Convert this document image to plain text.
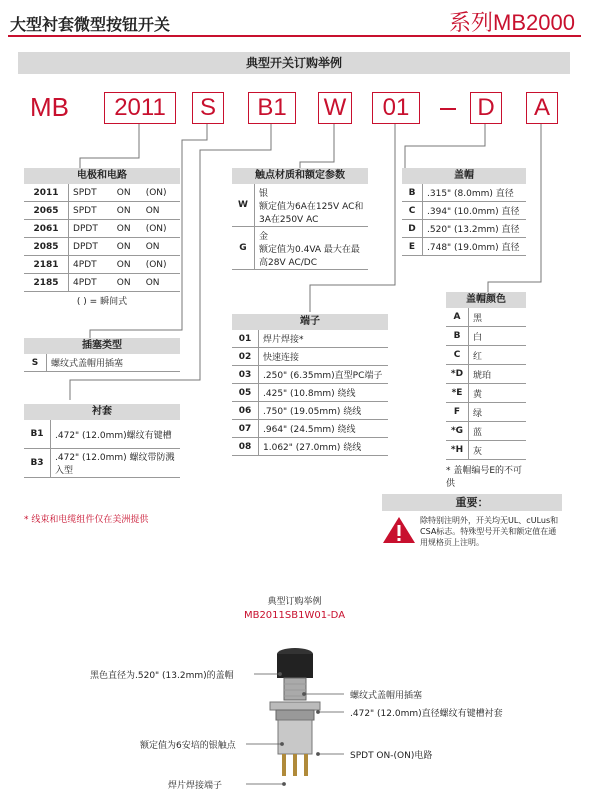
大型衬套微型按钮开关	系列MB2000
典型开关订购举例
MB	2011	S	B1	W	01	D	A
电极和电路
2011	SPDT	ON	(ON)
2065	SPDT	ON	ON
2061	DPDT	ON	(ON)
2085	DPDT	ON	ON
2181	4PDT	ON	(ON)
2185	4PDT	ON	ON
( ) = 瞬间式
插塞类型
S	螺纹式盖帽用插塞
衬套
B1	.472" (12.0mm)螺纹有键槽
B3	.472" (12.0mm) 螺纹带防溅入型
触点材质和额定参数
W	银
额定值为6A在125V AC和3A在250V AC
G	金
额定值为0.4VA 最大在最高28V AC/DC
端子
01	焊片焊接*
02	快速连接
03	.250" (6.35mm)直型PC端子
05	.425" (10.8mm) 绕线
06	.750" (19.05mm) 绕线
07	.964" (24.5mm) 绕线
08	1.062" (27.0mm) 绕线
盖帽
B	.315" (8.0mm) 直径
C	.394" (10.0mm) 直径
D	.520" (13.2mm) 直径
E	.748" (19.0mm) 直径
盖帽颜色
A	黑
B	白
C	红
*D	琥珀
*E	黄
F	绿
*G	蓝
*H	灰
* 盖帽编号E的不可供
* 线束和电缆组件仅在美洲提供
重要：
除特别注明外，开关均无UL、cULus和CSA标志。特殊型号开关和额定值在通用规格页上注明。
典型订购举例
MB2011SB1W01-DA
黑色直径为.520" (13.2mm)的盖帽
螺纹式盖帽用插塞
.472" (12.0mm)直径螺纹有键槽衬套
额定值为6安培的银触点
SPDT ON-(ON)电路
焊片焊接端子
